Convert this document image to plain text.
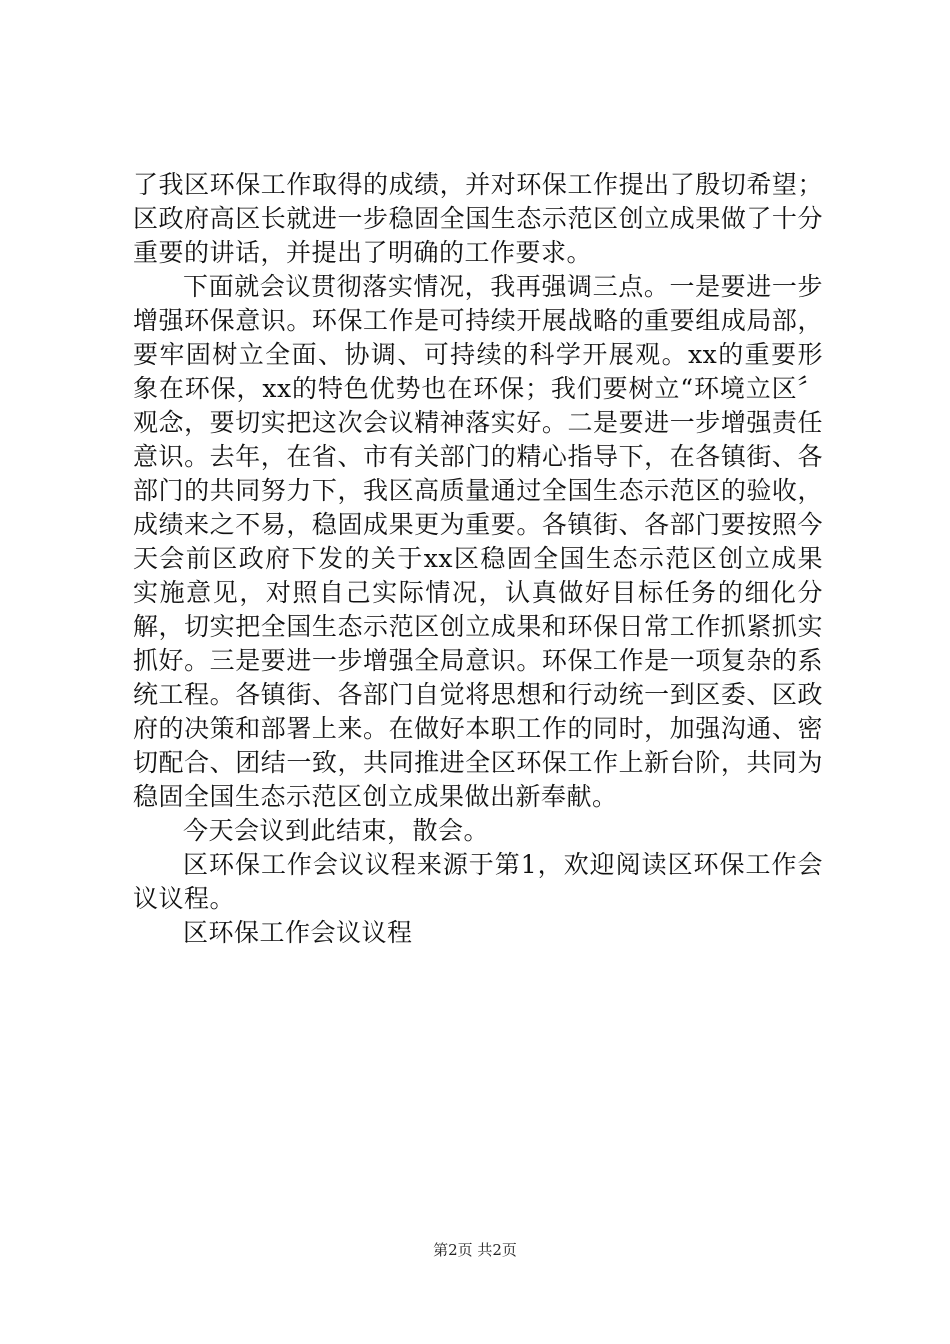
了我区环保工作取得的成绩，并对环保工作提出了殷切希望；区政府高区长就进一步稳固全国生态示范区创立成果做了十分重要的讲话，并提出了明确的工作要求。

下面就会议贯彻落实情况，我再强调三点。一是要进一步增强环保意识。环保工作是可持续开展战略的重要组成局部，要牢固树立全面、协调、可持续的科学开展观。xx的重要形象在环保，xx的特色优势也在环保；我们要树立“环境立区〞观念，要切实把这次会议精神落实好。二是要进一步增强责任意识。去年，在省、市有关部门的精心指导下，在各镇街、各部门的共同努力下，我区高质量通过全国生态示范区的验收，成绩来之不易，稳固成果更为重要。各镇街、各部门要按照今天会前区政府下发的关于xx区稳固全国生态示范区创立成果实施意见，对照自己实际情况，认真做好目标任务的细化分解，切实把全国生态示范区创立成果和环保日常工作抓紧抓实抓好。三是要进一步增强全局意识。环保工作是一项复杂的系统工程。各镇街、各部门自觉将思想和行动统一到区委、区政府的决策和部署上来。在做好本职工作的同时，加强沟通、密切配合、团结一致，共同推进全区环保工作上新台阶，共同为稳固全国生态示范区创立成果做出新奉献。

今天会议到此结束，散会。

区环保工作会议议程来源于第1，欢迎阅读区环保工作会议议程。

区环保工作会议议程

第2页 共2页
